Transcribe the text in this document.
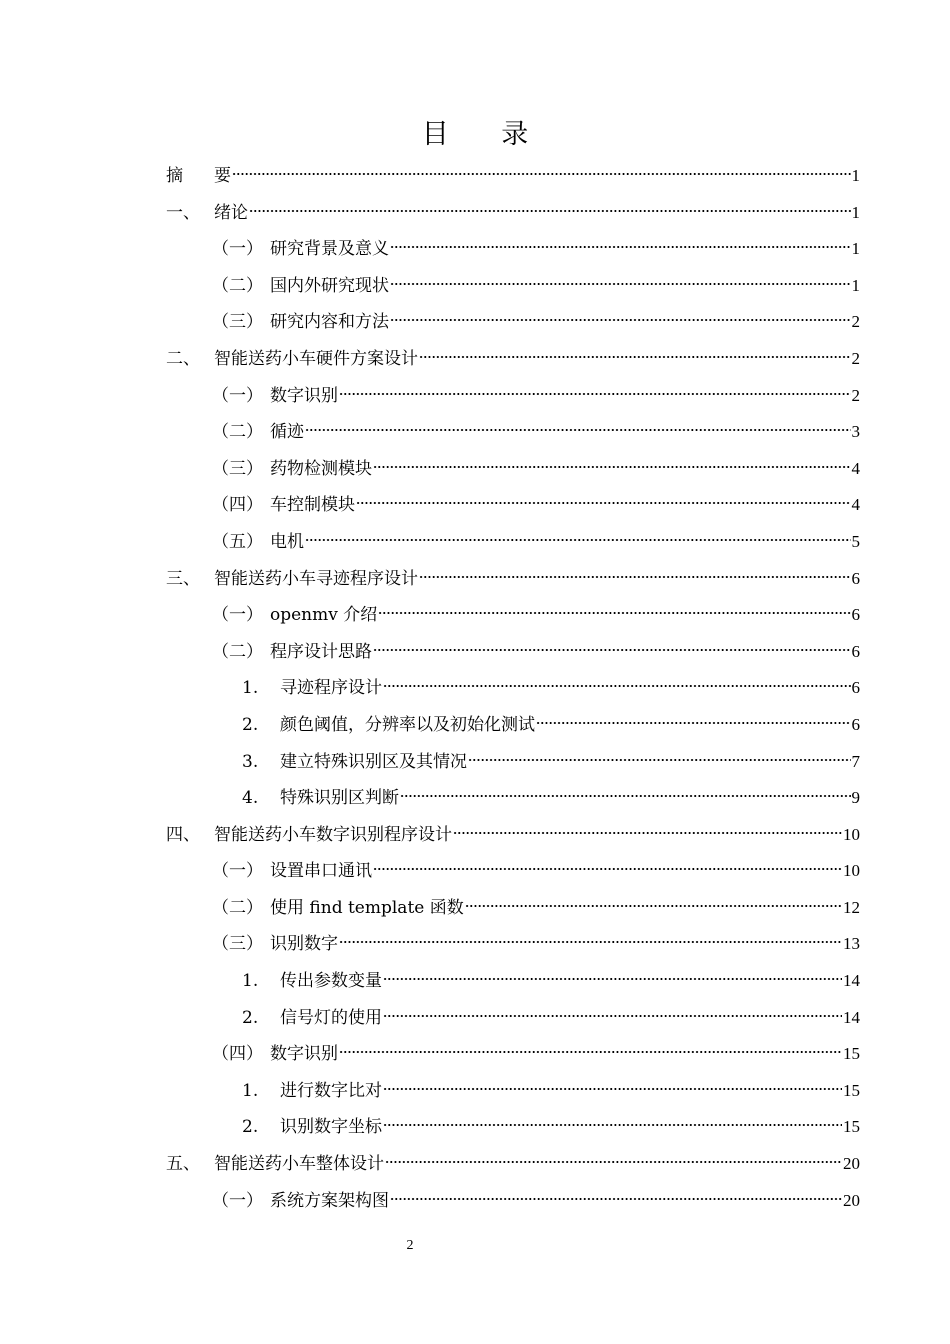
目 录
摘	要	1
一、 绪论	1
（一） 研究背景及意义	1
（二） 国内外研究现状	1
（三） 研究内容和方法	2
二、 智能送药小车硬件方案设计	2
（一） 数字识别	2
（二） 循迹	3
（三） 药物检测模块	4
（四） 车控制模块	4
（五） 电机	5
三、 智能送药小车寻迹程序设计	6
（一） openmv 介绍	6
（二） 程序设计思路	6
1.	寻迹程序设计	6
2.	颜色阈值，分辨率以及初始化测试	6
3.	建立特殊识别区及其情况	7
4.	特殊识别区判断	9
四、 智能送药小车数字识别程序设计	10
（一） 设置串口通讯	10
（二） 使用 find template 函数	12
（三） 识别数字	13
1.	传出参数变量	14
2.	信号灯的使用	14
（四） 数字识别	15
1.	进行数字比对	15
2.	识别数字坐标	15
五、 智能送药小车整体设计	20
（一） 系统方案架构图	20
2
